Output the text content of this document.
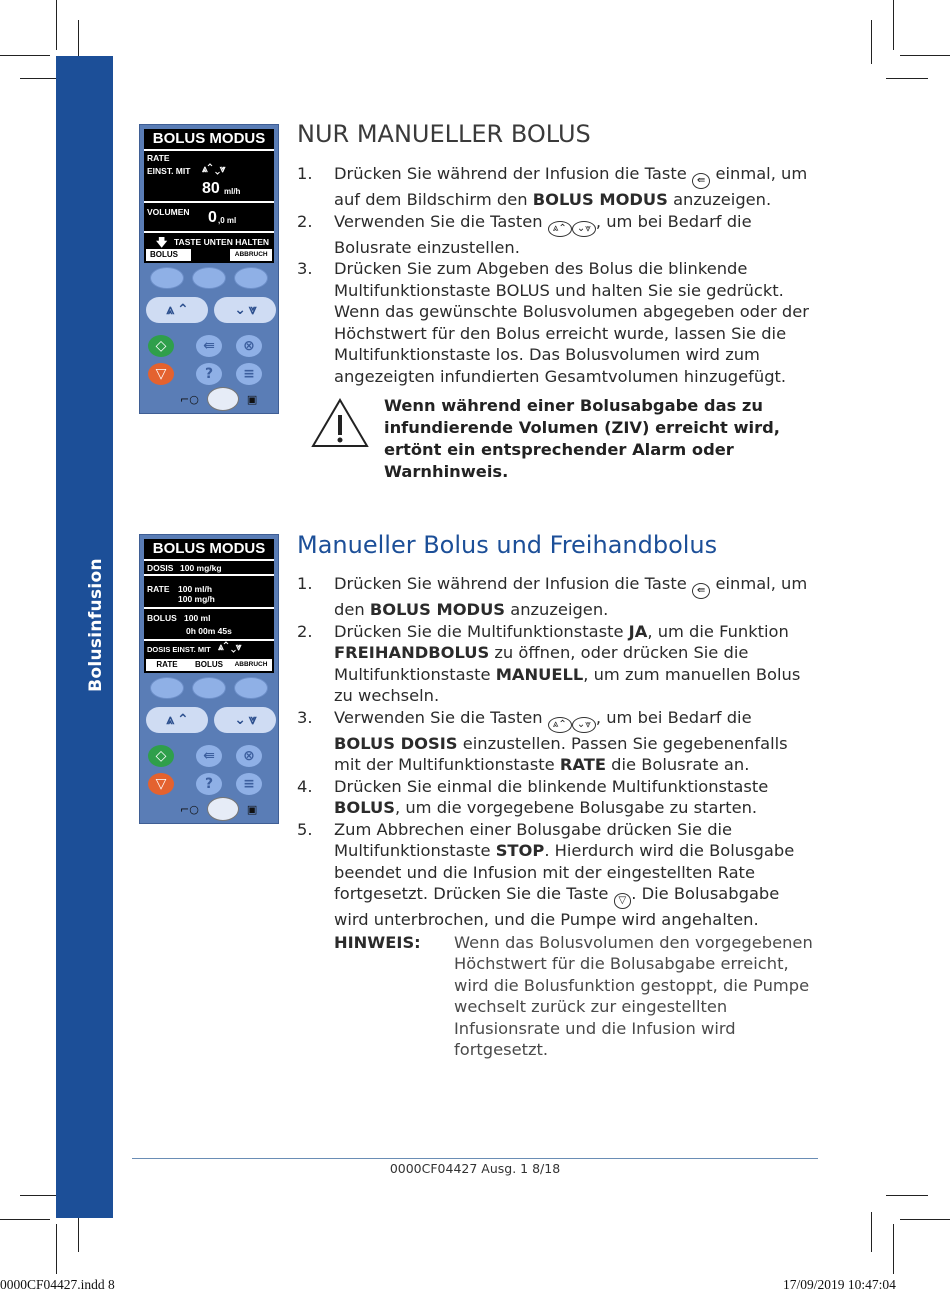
Bolusinfusion
BOLUS MODUS
RATE
EINST. MIT ⩓⌃ ⌄⩔
80 ml/h
VOLUMEN 0 ,0 ml
🡇 TASTE UNTEN HALTEN
BOLUS	ABBRUCH
⩓ ⌃	⌄ ⩔
◇	⇚	⊗
▽	?	≡
⌐○	▣
NUR MANUELLER BOLUS
1. Drücken Sie während der Infusion die Taste ⇚ einmal, um auf dem Bildschirm den BOLUS MODUS anzuzeigen.
2. Verwenden Sie die Tasten ⩓⌃ ⌄⩔ , um bei Bedarf die Bolusrate einzustellen.
3. Drücken Sie zum Abgeben des Bolus die blinkende Multifunktionstaste BOLUS und halten Sie sie gedrückt. Wenn das gewünschte Bolusvolumen abgegeben oder der Höchstwert für den Bolus erreicht wurde, lassen Sie die Multifunktionstaste los. Das Bolusvolumen wird zum angezeigten infundierten Gesamtvolumen hinzugefügt.
Wenn während einer Bolusabgabe das zu infundierende Volumen (ZIV) erreicht wird, ertönt ein entsprechender Alarm oder Warnhinweis.
BOLUS MODUS
DOSIS 100 mg/kg
RATE 100 ml/h
100 mg/h
BOLUS 100 ml
0h 00m 45s
DOSIS EINST. MIT ⩓⌃ ⌄⩔
RATE	BOLUS	ABBRUCH
⩓ ⌃	⌄ ⩔
◇	⇚	⊗
▽	?	≡
⌐○	▣
Manueller Bolus und Freihandbolus
1. Drücken Sie während der Infusion die Taste ⇚ einmal, um den BOLUS MODUS anzuzeigen.
2. Drücken Sie die Multifunktionstaste JA, um die Funktion FREIHANDBOLUS zu öffnen, oder drücken Sie die Multifunktionstaste MANUELL, um zum manuellen Bolus zu wechseln.
3. Verwenden Sie die Tasten ⩓⌃ ⌄⩔ , um bei Bedarf die BOLUS DOSIS einzustellen. Passen Sie gegebenenfalls mit der Multifunktionstaste RATE die Bolusrate an.
4. Drücken Sie einmal die blinkende Multifunktionstaste BOLUS, um die vorgegebene Bolusgabe zu starten.
5. Zum Abbrechen einer Bolusgabe drücken Sie die Multifunktionstaste STOP. Hierdurch wird die Bolusgabe beendet und die Infusion mit der eingestellten Rate fortgesetzt. Drücken Sie die Taste ▽ . Die Bolusabgabe wird unterbrochen, und die Pumpe wird angehalten.
HINWEIS: Wenn das Bolusvolumen den vorgegebenen Höchstwert für die Bolusabgabe erreicht, wird die Bolusfunktion gestoppt, die Pumpe wechselt zurück zur eingestellten Infusionsrate und die Infusion wird fortgesetzt.
0000CF04427 Ausg. 1 8/18
0000CF04427.indd 8	17/09/2019 10:47:04
